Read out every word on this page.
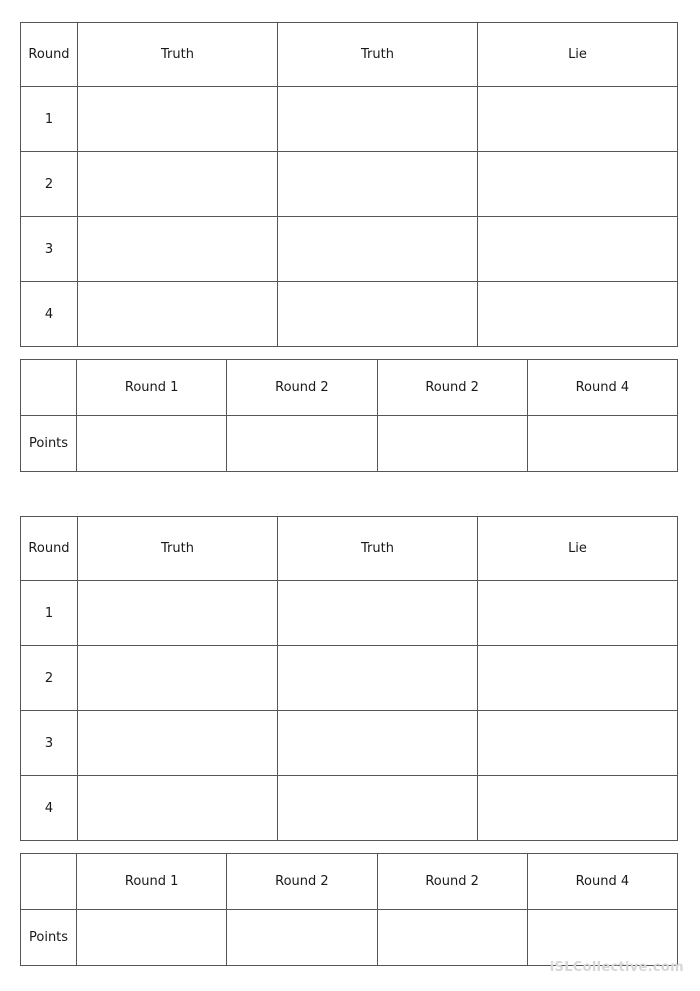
Round	Truth	Truth	Lie
1			
2			
3			
4			
	Round 1	Round 2	Round 2	Round 4
Points				
Round	Truth	Truth	Lie
1			
2			
3			
4			
	Round 1	Round 2	Round 2	Round 4
Points				
iSLCollective.com
